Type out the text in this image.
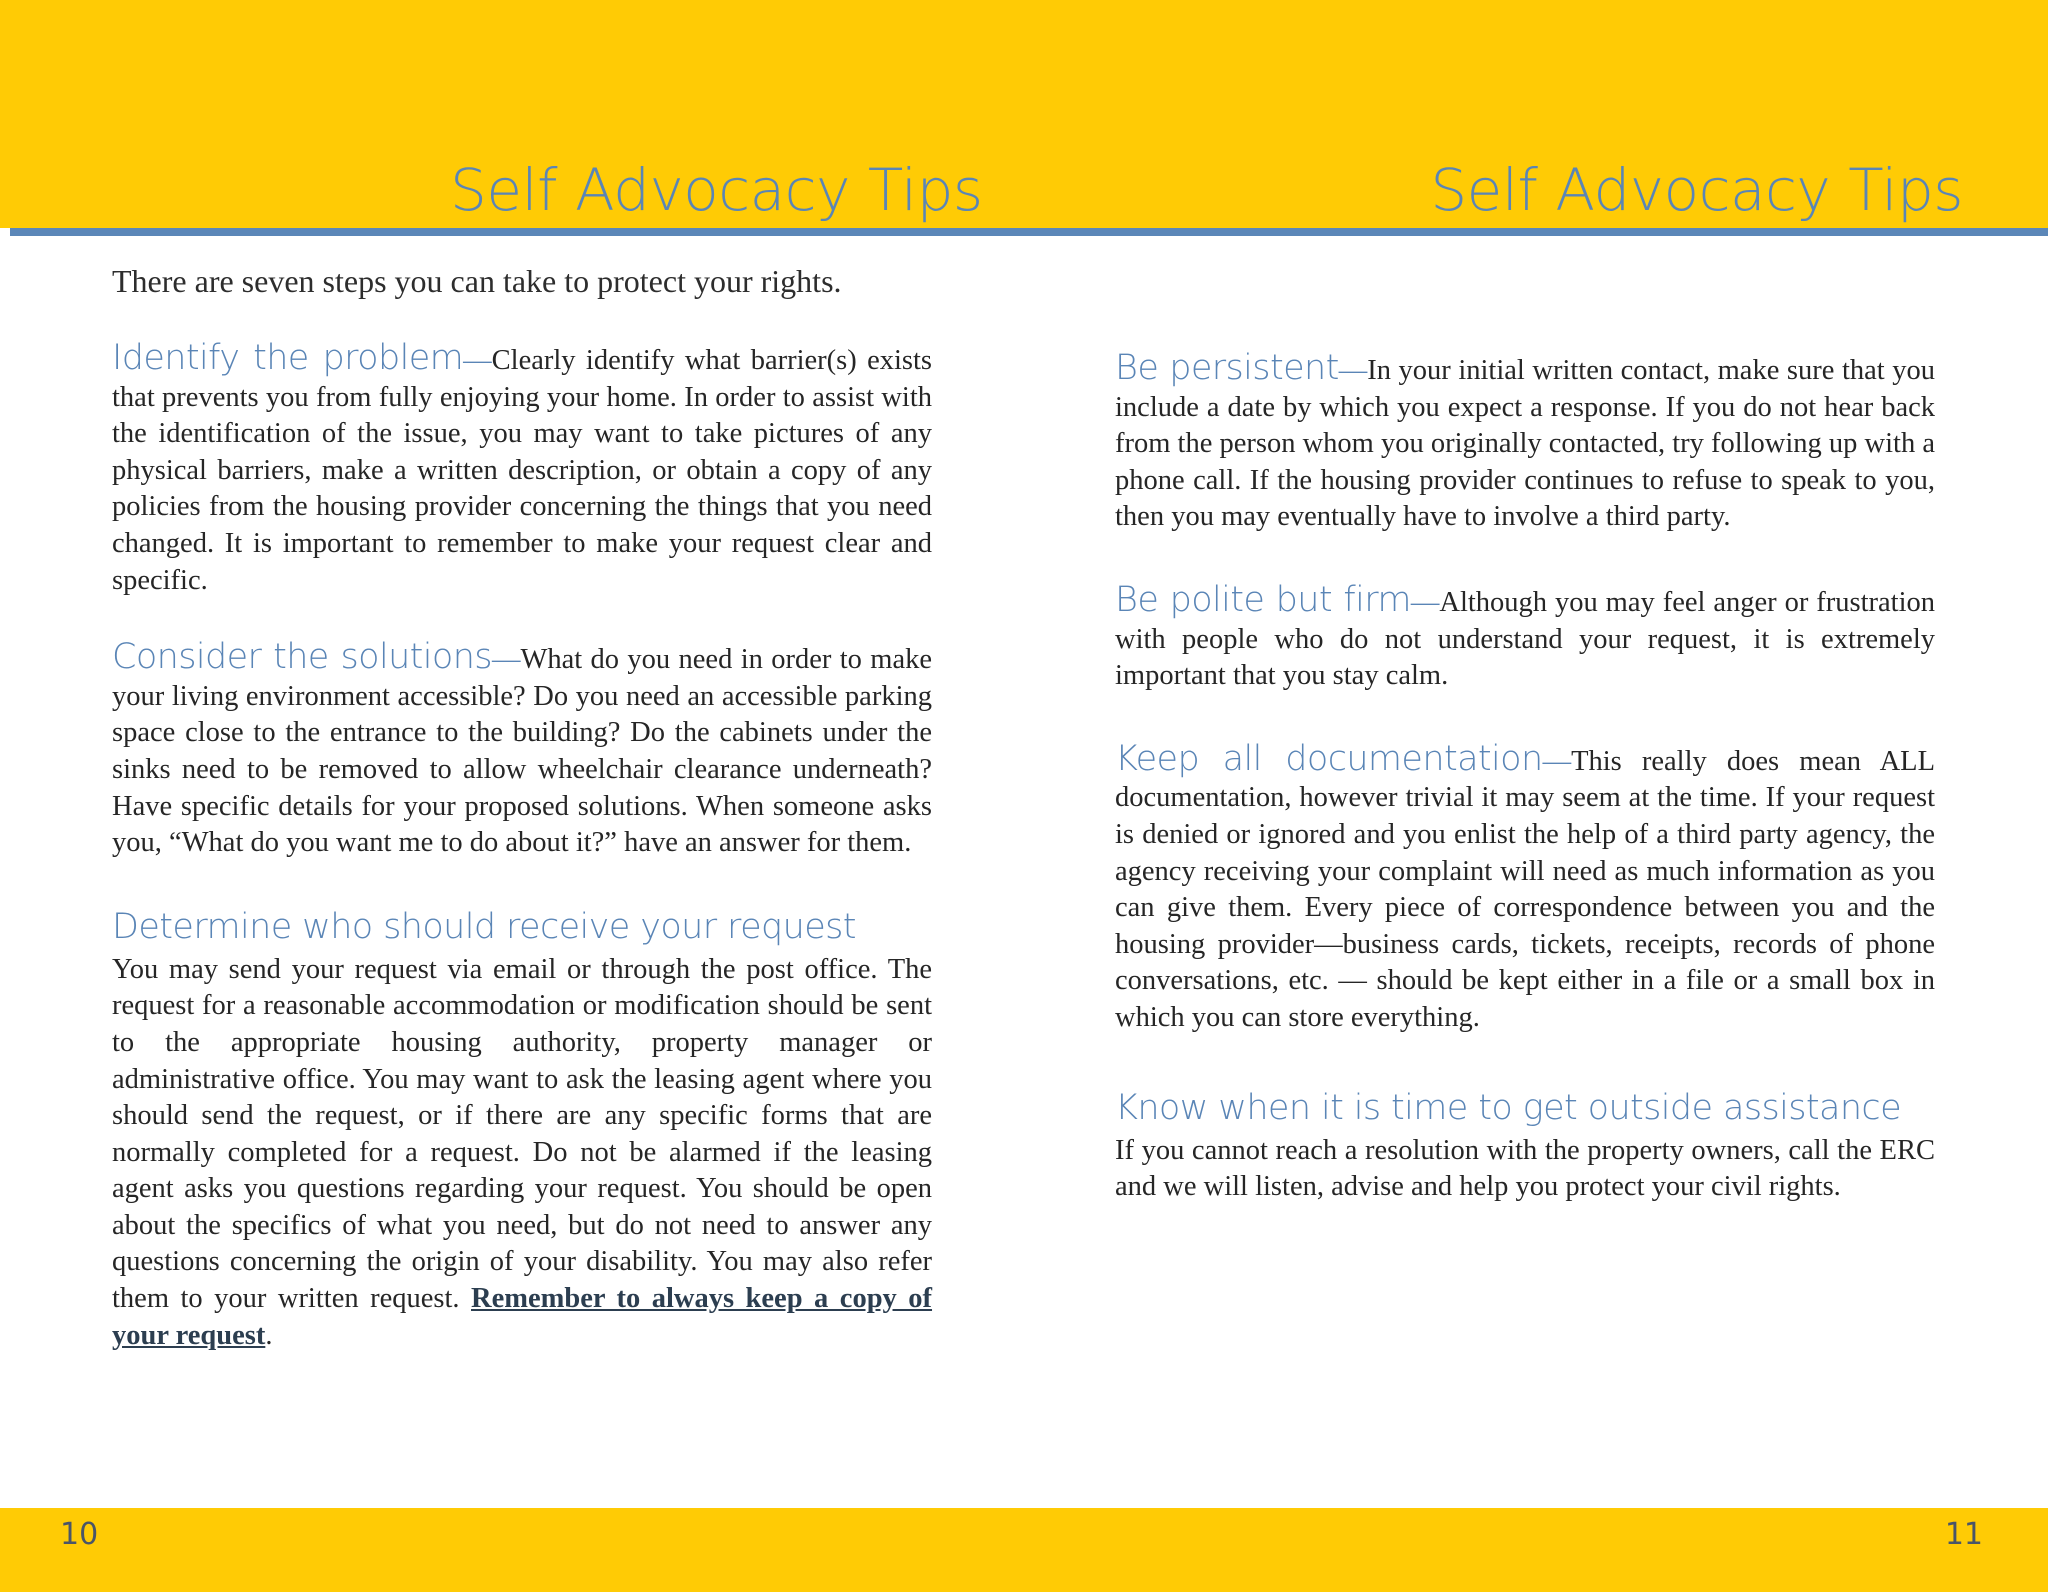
Self Advocacy Tips	Self Advocacy Tips

There are seven steps you can take to protect your rights.

Identify the problem—Clearly identify what barrier(s) exists that prevents you from fully enjoying your home. In order to assist with the identification of the issue, you may want to take pictures of any physical barriers, make a written description, or obtain a copy of any policies from the housing provider concerning the things that you need changed. It is important to remember to make your request clear and specific.

Consider the solutions—What do you need in order to make your living environment accessible? Do you need an accessible parking space close to the entrance to the building? Do the cabinets under the sinks need to be removed to allow wheelchair clearance underneath? Have specific details for your proposed solutions. When someone asks you, “What do you want me to do about it?” have an answer for them.

Determine who should receive your request
You may send your request via email or through the post office. The request for a reasonable accommodation or modification should be sent to the appropriate housing authority, property manager or administrative office. You may want to ask the leasing agent where you should send the request, or if there are any specific forms that are normally completed for a request. Do not be alarmed if the leasing agent asks you questions regarding your request. You should be open about the specifics of what you need, but do not need to answer any questions concerning the origin of your disability. You may also refer them to your written request. Remember to always keep a copy of your request.

Be persistent—In your initial written contact, make sure that you include a date by which you expect a response. If you do not hear back from the person whom you originally contacted, try following up with a phone call. If the housing provider continues to refuse to speak to you, then you may eventually have to involve a third party.

Be polite but firm—Although you may feel anger or frustration with people who do not understand your request, it is extremely important that you stay calm.

Keep all documentation—This really does mean ALL documentation, however trivial it may seem at the time. If your request is denied or ignored and you enlist the help of a third party agency, the agency receiving your complaint will need as much information as you can give them. Every piece of correspondence between you and the housing provider—business cards, tickets, receipts, records of phone conversations, etc. — should be kept either in a file or a small box in which you can store everything.

Know when it is time to get outside assistance
If you cannot reach a resolution with the property owners, call the ERC and we will listen, advise and help you protect your civil rights.

10	11
